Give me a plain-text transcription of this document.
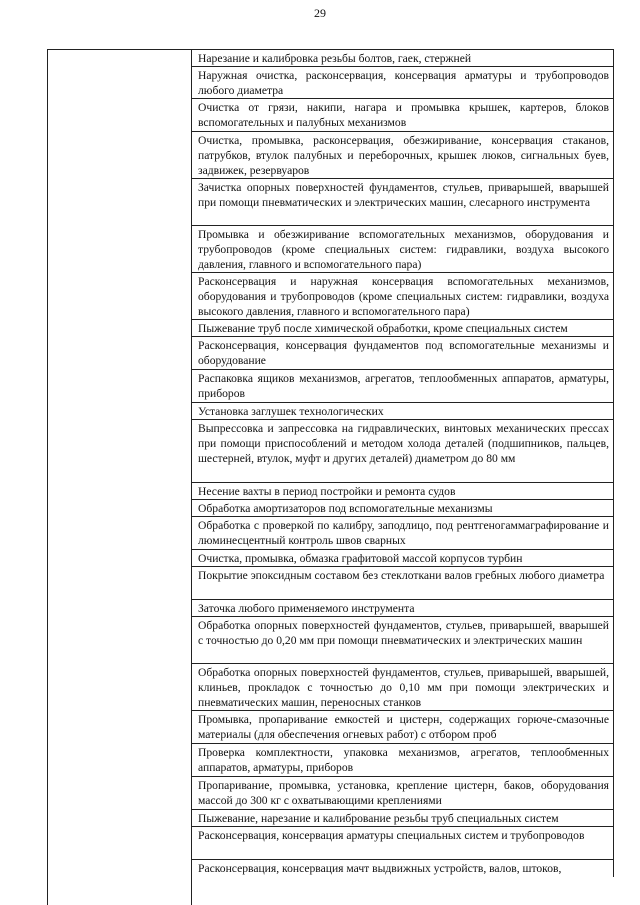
29
Нарезание и калибровка резьбы болтов, гаек, стержней
Наружная очистка, расконсервация, консервация арматуры и трубопроводов любого диаметра
Очистка от грязи, накипи, нагара и промывка крышек, картеров, блоков вспомогательных и палубных механизмов
Очистка, промывка, расконсервация, обезжиривание, консервация стаканов, патрубков, втулок палубных и переборочных, крышек люков, сигнальных буев, задвижек, резервуаров
Зачистка опорных поверхностей фундаментов, стульев, приварышей, вварышей при помощи пневматических и электрических машин, слесарного инструмента
Промывка и обезжиривание вспомогательных механизмов, оборудования и трубопроводов (кроме специальных систем: гидравлики, воздуха высокого давления, главного и вспомогательного пара)
Расконсервация и наружная консервация вспомогательных механизмов, оборудования и трубопроводов (кроме специальных систем: гидравлики, воздуха высокого давления, главного и вспомогательного пара)
Пыжевание труб после химической обработки, кроме специальных систем
Расконсервация, консервация фундаментов под вспомогательные механизмы и оборудование
Распаковка ящиков механизмов, агрегатов, теплообменных аппаратов, арматуры, приборов
Установка заглушек технологических
Выпрессовка и запрессовка на гидравлических, винтовых механических прессах при помощи приспособлений и методом холода деталей (подшипников, пальцев, шестерней, втулок, муфт и других деталей) диаметром до 80 мм
Несение вахты в период постройки и ремонта судов
Обработка амортизаторов под вспомогательные механизмы
Обработка с проверкой по калибру, заподлицо, под рентгеногаммаграфирование и люминесцентный контроль швов сварных
Очистка, промывка, обмазка графитовой массой корпусов турбин
Покрытие эпоксидным составом без стеклоткани валов гребных любого диаметра
Заточка любого применяемого инструмента
Обработка опорных поверхностей фундаментов, стульев, приварышей, вварышей с точностью до 0,20 мм при помощи пневматических и электрических машин
Обработка опорных поверхностей фундаментов, стульев, приварышей, вварышей, клиньев, прокладок с точностью до 0,10 мм при помощи электрических и пневматических машин, переносных станков
Промывка, пропаривание емкостей и цистерн, содержащих горюче-смазочные материалы (для обеспечения огневых работ) с отбором проб
Проверка комплектности, упаковка механизмов, агрегатов, теплообменных аппаратов, арматуры, приборов
Пропаривание, промывка, установка, крепление цистерн, баков, оборудования массой до 300 кг с охватывающими креплениями
Пыжевание, нарезание и калибрование резьбы труб специальных систем
Расконсервация, консервация арматуры специальных систем и трубопроводов
Расконсервация, консервация мачт выдвижных устройств, валов, штоков,
